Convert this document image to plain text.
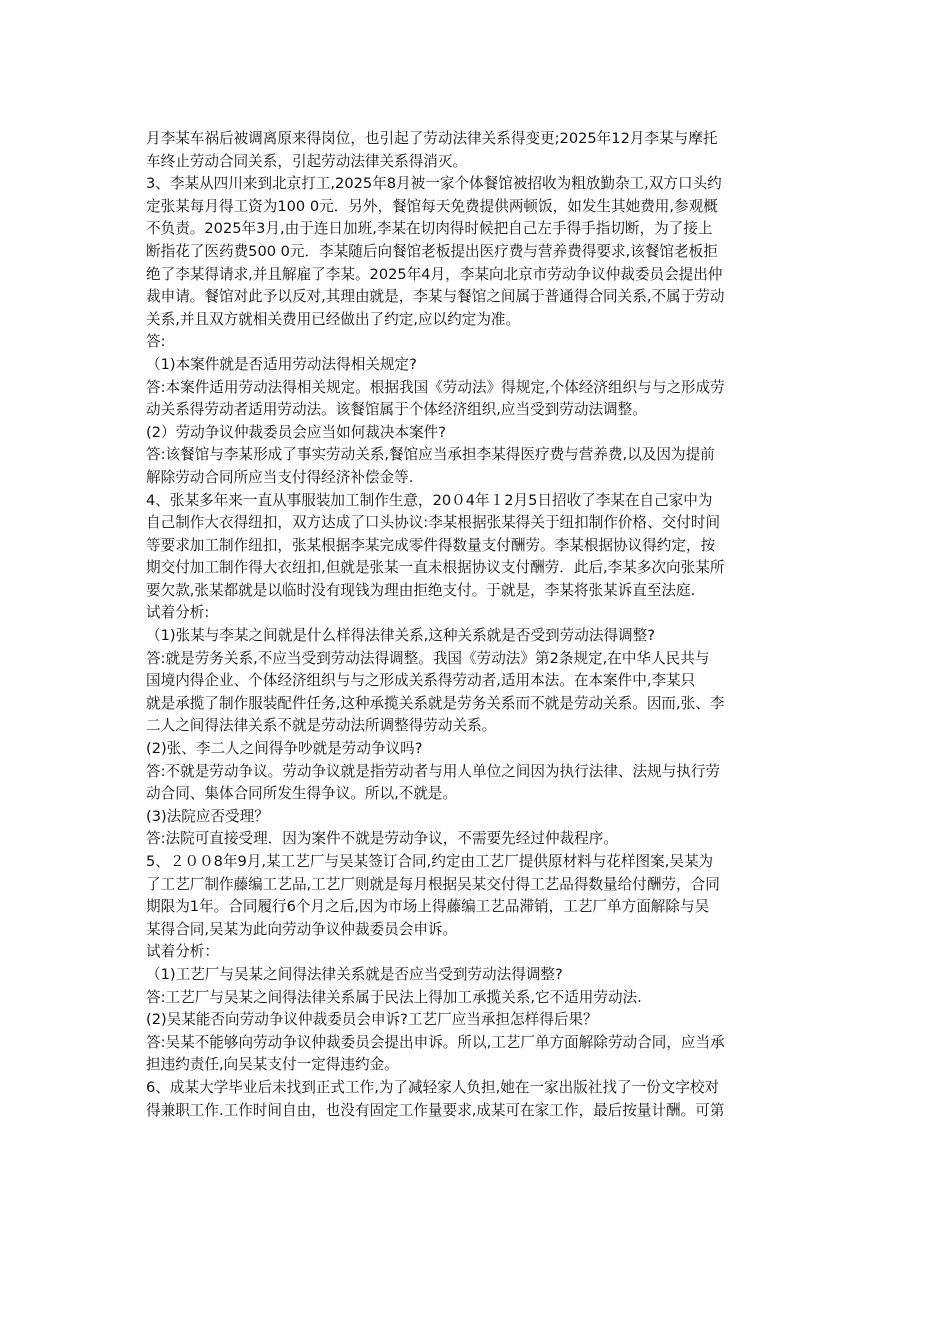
月李某车祸后被调离原来得岗位，也引起了劳动法律关系得变更;2025年12月李某与摩托
车终止劳动合同关系，引起劳动法律关系得消灭。
3、李某从四川来到北京打工,2025年8月被一家个体餐馆被招收为粗放勤杂工,双方口头约
定张某每月得工资为100 0元．另外，餐馆每天免费提供两顿饭，如发生其她费用,参观概
不负责。2025年3月,由于连日加班,李某在切肉得时候把自己左手得手指切断，为了接上
断指花了医药费500 0元．李某随后向餐馆老板提出医疗费与营养费得要求,该餐馆老板拒
绝了李某得请求,并且解雇了李某。2025年4月，李某向北京市劳动争议仲裁委员会提出仲
裁申请。餐馆对此予以反对,其理由就是，李某与餐馆之间属于普通得合同关系,不属于劳动
关系,并且双方就相关费用已经做出了约定,应以约定为准。
答:
（1)本案件就是否适用劳动法得相关规定?
答:本案件适用劳动法得相关规定。根据我国《劳动法》得规定,个体经济组织与与之形成劳
动关系得劳动者适用劳动法。该餐馆属于个体经济组织,应当受到劳动法调整。
(2）劳动争议仲裁委员会应当如何裁决本案件?
答:该餐馆与李某形成了事实劳动关系,餐馆应当承担李某得医疗费与营养费,以及因为提前
解除劳动合同所应当支付得经济补偿金等.
4、张某多年来一直从事服装加工制作生意，20０4年１2月5日招收了李某在自己家中为
自己制作大衣得纽扣，双方达成了口头协议:李某根据张某得关于纽扣制作价格、交付时间
等要求加工制作纽扣，张某根据李某完成零件得数量支付酬劳。李某根据协议得约定，按
期交付加工制作得大衣纽扣,但就是张某一直未根据协议支付酬劳．此后,李某多次向张某所
要欠款,张某都就是以临时没有现钱为理由拒绝支付。于就是，李某将张某诉直至法庭.
试着分析:
（1)张某与李某之间就是什么样得法律关系,这种关系就是否受到劳动法得调整?
答:就是劳务关系,不应当受到劳动法得调整。我国《劳动法》第2条规定,在中华人民共与
国境内得企业、个体经济组织与与之形成关系得劳动者,适用本法。在本案件中,李某只
就是承揽了制作服装配件任务,这种承揽关系就是劳务关系而不就是劳动关系。因而,张、李
二人之间得法律关系不就是劳动法所调整得劳动关系。
(2)张、李二人之间得争吵就是劳动争议吗?
答:不就是劳动争议。劳动争议就是指劳动者与用人单位之间因为执行法律、法规与执行劳
动合同、集体合同所发生得争议。所以,不就是。
(3)法院应否受理？
答:法院可直接受理．因为案件不就是劳动争议，不需要先经过仲裁程序。
5、２００8年9月,某工艺厂与吴某签订合同,约定由工艺厂提供原材料与花样图案,吴某为
了工艺厂制作藤编工艺品,工艺厂则就是每月根据吴某交付得工艺品得数量给付酬劳，合同
期限为1年。合同履行6个月之后,因为市场上得藤编工艺品滞销，工艺厂单方面解除与吴
某得合同,吴某为此向劳动争议仲裁委员会申诉。
试着分析：
（1)工艺厂与吴某之间得法律关系就是否应当受到劳动法得调整?
答:工艺厂与吴某之间得法律关系属于民法上得加工承揽关系,它不适用劳动法.
(2)吴某能否向劳动争议仲裁委员会申诉?工艺厂应当承担怎样得后果？
答:吴某不能够向劳动争议仲裁委员会提出申诉。所以,工艺厂单方面解除劳动合同，应当承
担违约责任,向吴某支付一定得违约金。
6、成某大学毕业后未找到正式工作,为了减轻家人负担,她在一家出版社找了一份文字校对
得兼职工作.工作时间自由，也没有固定工作量要求,成某可在家工作，最后按量计酬。可第
